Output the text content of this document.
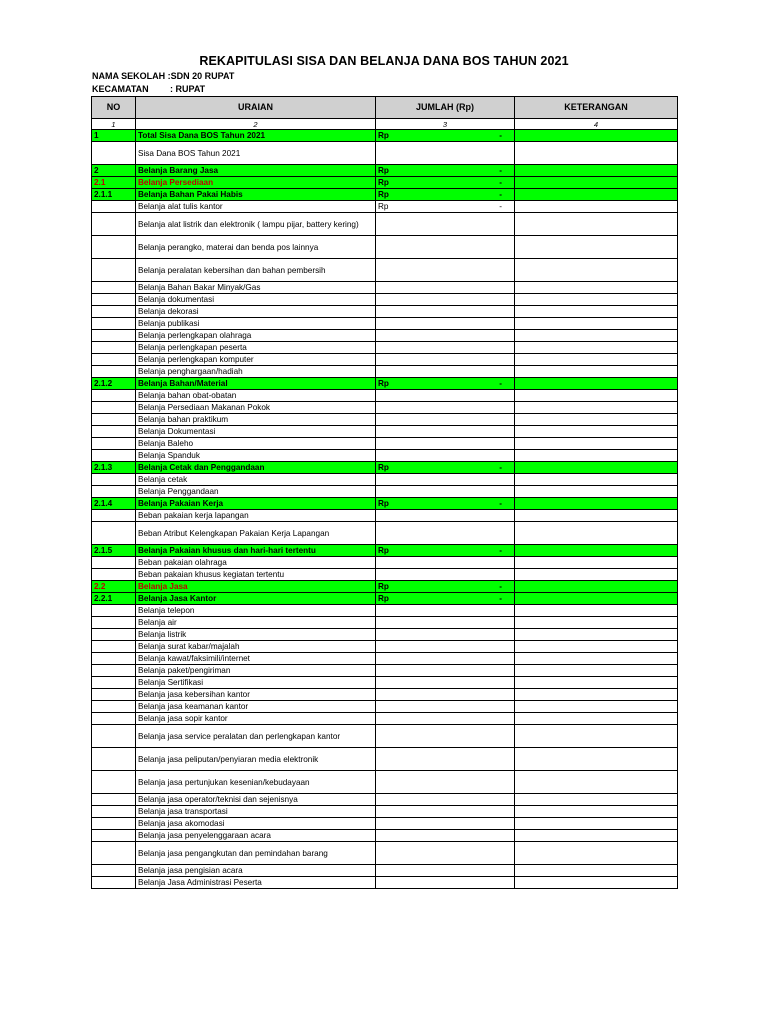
REKAPITULASI SISA DAN BELANJA DANA BOS TAHUN 2021
NAMA SEKOLAH :SDN 20 RUPAT
KECAMATAN : RUPAT
NO	URAIAN	JUMLAH (Rp)	KETERANGAN
1	2	3	4
1	Total Sisa Dana BOS Tahun 2021	Rp -	

	Sisa Dana BOS Tahun 2021		
2	Belanja Barang Jasa	Rp -	

2.1	Belanja Persediaan	Rp -	

2.1.1	Belanja Bahan Pakai Habis	Rp -	

	Belanja alat tulis kantor	Rp -	

	Belanja alat listrik dan elektronik ( lampu pijar, battery kering)		
	Belanja perangko, materai dan benda pos lainnya		
	Belanja peralatan kebersihan dan bahan pembersih		
	Belanja Bahan Bakar Minyak/Gas		
	Belanja dokumentasi		
	Belanja dekorasi		
	Belanja publikasi		
	Belanja perlengkapan olahraga		
	Belanja perlengkapan peserta		
	Belanja perlengkapan komputer		
	Belanja penghargaan/hadiah		
2.1.2	Belanja Bahan/Material	Rp -	

	Belanja bahan obat-obatan		
	Belanja Persediaan Makanan Pokok		
	Belanja bahan praktikum		
	Belanja Dokumentasi		
	Belanja Baleho		
	Belanja Spanduk		
2.1.3	Belanja Cetak dan Penggandaan	Rp -	

	Belanja cetak		
	Belanja Penggandaan		
2.1.4	Belanja Pakaian Kerja	Rp -	

	Beban pakaian kerja lapangan		
	Beban Atribut Kelengkapan Pakaian Kerja Lapangan		
2.1.5	Belanja Pakaian khusus dan hari-hari tertentu	Rp -	

	Beban pakaian olahraga		
	Beban pakaian khusus kegiatan tertentu		
2.2	Belanja Jasa	Rp -	

2.2.1	Belanja Jasa Kantor	Rp -	

	Belanja telepon		
	Belanja air		
	Belanja listrik		
	Belanja surat kabar/majalah		
	Belanja kawat/faksimili/internet		
	Belanja paket/pengiriman		
	Belanja Sertifikasi		
	Belanja jasa kebersihan kantor		
	Belanja jasa keamanan kantor		
	Belanja jasa sopir kantor		
	Belanja jasa service peralatan dan perlengkapan kantor		
	Belanja jasa peliputan/penyiaran media elektronik		
	Belanja jasa pertunjukan kesenian/kebudayaan		
	Belanja jasa operator/teknisi dan sejenisnya		
	Belanja jasa transportasi		
	Belanja jasa akomodasi		
	Belanja jasa penyelenggaraan acara		
	Belanja jasa pengangkutan dan pemindahan barang		
	Belanja jasa pengisian acara		
	Belanja Jasa Administrasi Peserta		
